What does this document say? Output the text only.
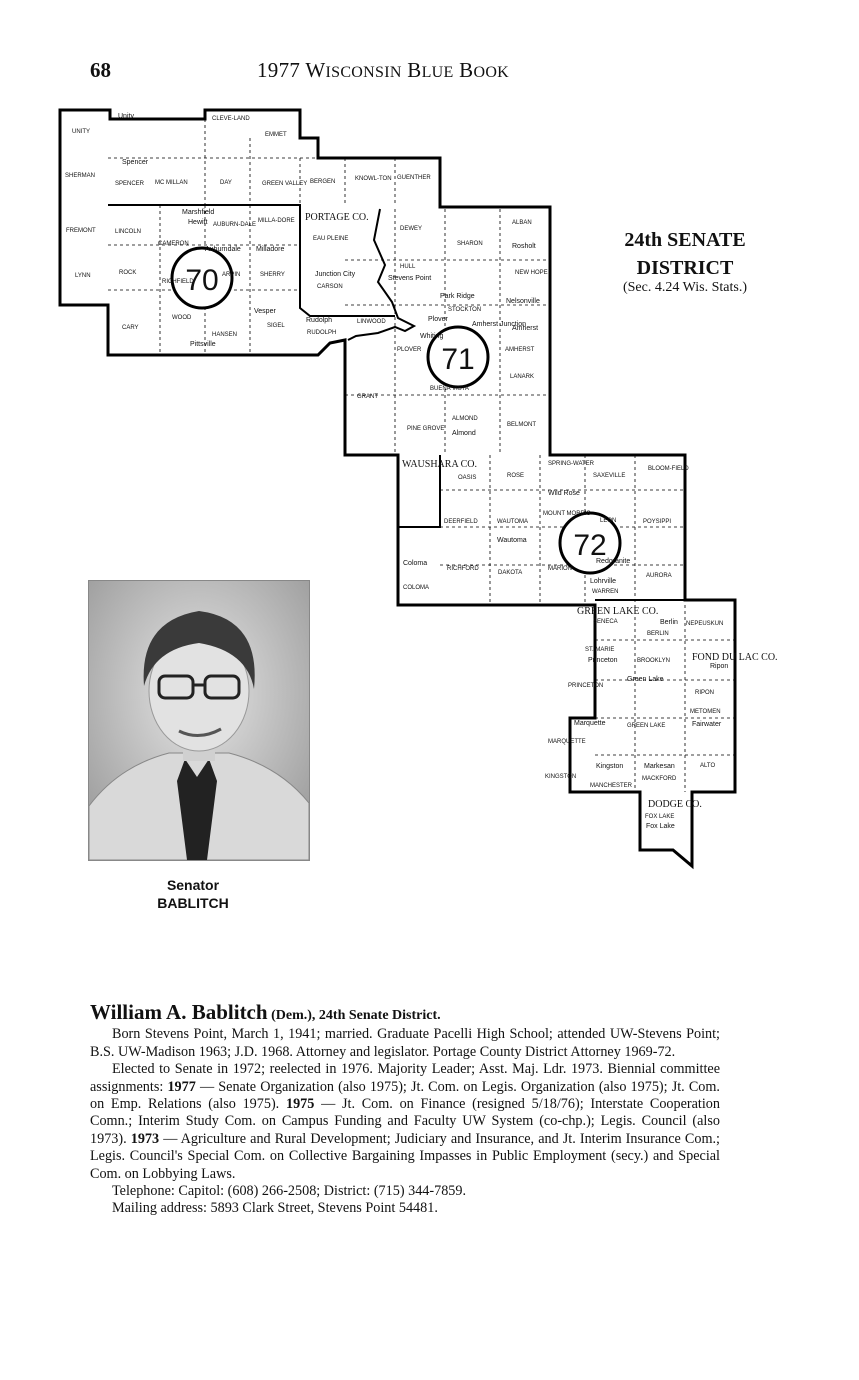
68	1977 WISCONSIN BLUE BOOK
24th SENATE
DISTRICT
(Sec. 4.24 Wis. Stats.)
PORTAGE CO.
WAUSHARA CO.
GREEN LAKE CO.
FOND DU LAC CO.
DODGE CO.
70
71
72
UNITY
CLEVE-LAND
EMMET
SHERMAN
SPENCER MC MILLAN	DAY	GREEN VALLEY BERGEN	KNOWL-TON GUENTHER
FREMONT	LINCOLN
CAMERON
AUBURN-DALE
MILLA-DORE
EAU PLEINE
DEWEY
ALBAN
SHARON
LYNN	ROCK
RICHFIELD
ARPIN	SHERRY
CARSON
HULL
NEW HOPE
STOCKTON
CARY
WOOD
HANSEN
SIGEL
RUDOLPH
LINWOOD
PLOVER	AMHERST
LANARK
BUENA VISTA
GRANT
PINE GROVE
ALMOND
BELMONT
OASIS	ROSE
SPRING-WATER
SAXEVILLE
BLOOM-FIELD
DEERFIELD	WAUTOMA
MOUNT MORRIS
LEON	POYSIPPI
RICHFORD
DAKOTA
MARION
AURORA
WARREN
COLOMA
SENECA
BERLIN
NEPEUSKUN
ST. MARIE
BROOKLYN
PRINCETON
RIPON
METOMEN
MARQUETTE
GREEN LAKE
ALTO
KINGSTON
MANCHESTER
MACKFORD
FOX LAKE
Unity
Spencer
Marshfield
Hewitt
Junction City
Stevens Point
Park Ridge
Plover
Whiting
Amherst Junction
Amherst
Nelsonville
Rosholt
Vesper
Rudolph
Pittsville
Milladore
Auburndale
Almond
Wild Rose
Wautoma
Redgranite
Lohrville
Coloma
Berlin
Princeton
Green Lake
Ripon
Marquette
Kingston	Markesan
Fairwater
Fox Lake
Senator
BABLITCH
William A. Bablitch (Dem.), 24th Senate District.

Born Stevens Point, March 1, 1941; married. Graduate Pacelli High School; attended UW-Stevens Point; B.S. UW-Madison 1963; J.D. 1968. Attorney and legislator. Portage County District Attorney 1969-72.

Elected to Senate in 1972; reelected in 1976. Majority Leader; Asst. Maj. Ldr. 1973. Biennial committee assignments: 1977 — Senate Organization (also 1975); Jt. Com. on Legis. Organization (also 1975); Jt. Com. on Emp. Relations (also 1975). 1975 — Jt. Com. on Finance (resigned 5/18/76); Interstate Cooperation Comn.; Interim Study Com. on Campus Funding and Faculty UW System (co-chp.); Legis. Council (also 1973). 1973 — Agriculture and Rural Development; Judiciary and Insurance, and Jt. Interim Insurance Com.; Legis. Council's Special Com. on Collective Bargaining Impasses in Public Employment (secy.) and Special Com. on Lobbying Laws.

Telephone: Capitol: (608) 266-2508; District: (715) 344-7859.

Mailing address: 5893 Clark Street, Stevens Point 54481.
